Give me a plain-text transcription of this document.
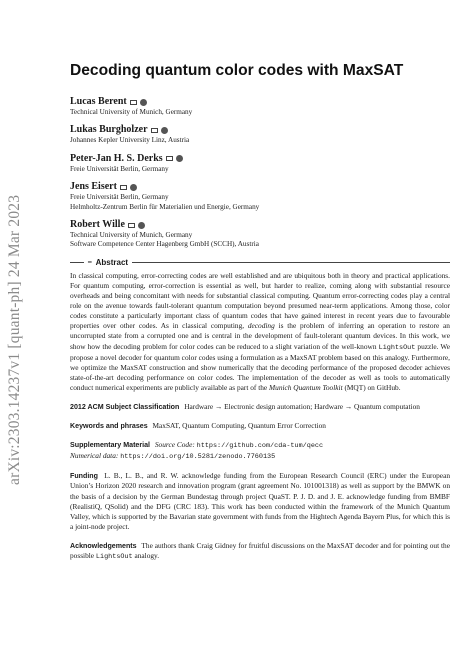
arXiv:2303.14237v1 [quant-ph] 24 Mar 2023
Decoding quantum color codes with MaxSAT
Lucas Berent
Technical University of Munich, Germany
Lukas Burgholzer
Johannes Kepler University Linz, Austria
Peter-Jan H. S. Derks
Freie Universität Berlin, Germany
Jens Eisert
Freie Universität Berlin, Germany
Helmholtz-Zentrum Berlin für Materialien und Energie, Germany
Robert Wille
Technical University of Munich, Germany
Software Competence Center Hagenberg GmbH (SCCH), Austria
━ Abstract

In classical computing, error-correcting codes are well established and are ubiquitous both in theory and practical applications. For quantum computing, error-correction is essential as well, but harder to realize, coming along with substantial resource overheads and being concomitant with needs for substantial classical computing. Quantum error-correcting codes play a central role on the avenue towards fault-tolerant quantum computation beyond presumed near-term applications. Among those, color codes constitute a particularly important class of quantum codes that have gained interest in recent years due to favourable properties over other codes. As in classical computing, decoding is the problem of inferring an operation to restore an uncorrupted state from a corrupted one and is central in the development of fault-tolerant quantum devices. In this work, we show how the decoding problem for color codes can be reduced to a slight variation of the well-known LightsOut puzzle. We propose a novel decoder for quantum color codes using a formulation as a MaxSAT problem based on this analogy. Furthermore, we optimize the MaxSAT construction and show numerically that the decoding performance of the proposed decoder achieves state-of-the-art decoding performance on color codes. The implementation of the decoder as well as tools to automatically conduct numerical experiments are publicly available as part of the Munich Quantum Toolkit (MQT) on GitHub.

2012 ACM Subject Classification Hardware → Electronic design automation; Hardware → Quantum computation
Keywords and phrases MaxSAT, Quantum Computing, Quantum Error Correction
Supplementary Material Source Code: https://github.com/cda-tum/qecc
Numerical data: https://doi.org/10.5281/zenodo.7760135
Funding L. B., L. B., and R. W. acknowledge funding from the European Research Council (ERC) under the European Union’s Horizon 2020 research and innovation program (grant agreement No. 101001318) as well as support by the BMWK on the basis of a decision by the German Bundestag through project QuaST. P. J. D. and J. E. acknowledge funding from BMBF (RealistiQ, QSolid) and the DFG (CRC 183). This work has been conducted within the framework of the Munich Quantum Valley, which is supported by the Bavarian state government with funds from the Hightech Agenda Bayern Plus, for which this is a joint-node project.
Acknowledgements The authors thank Craig Gidney for fruitful discussions on the MaxSAT decoder and for pointing out the possible LightsOut analogy.
